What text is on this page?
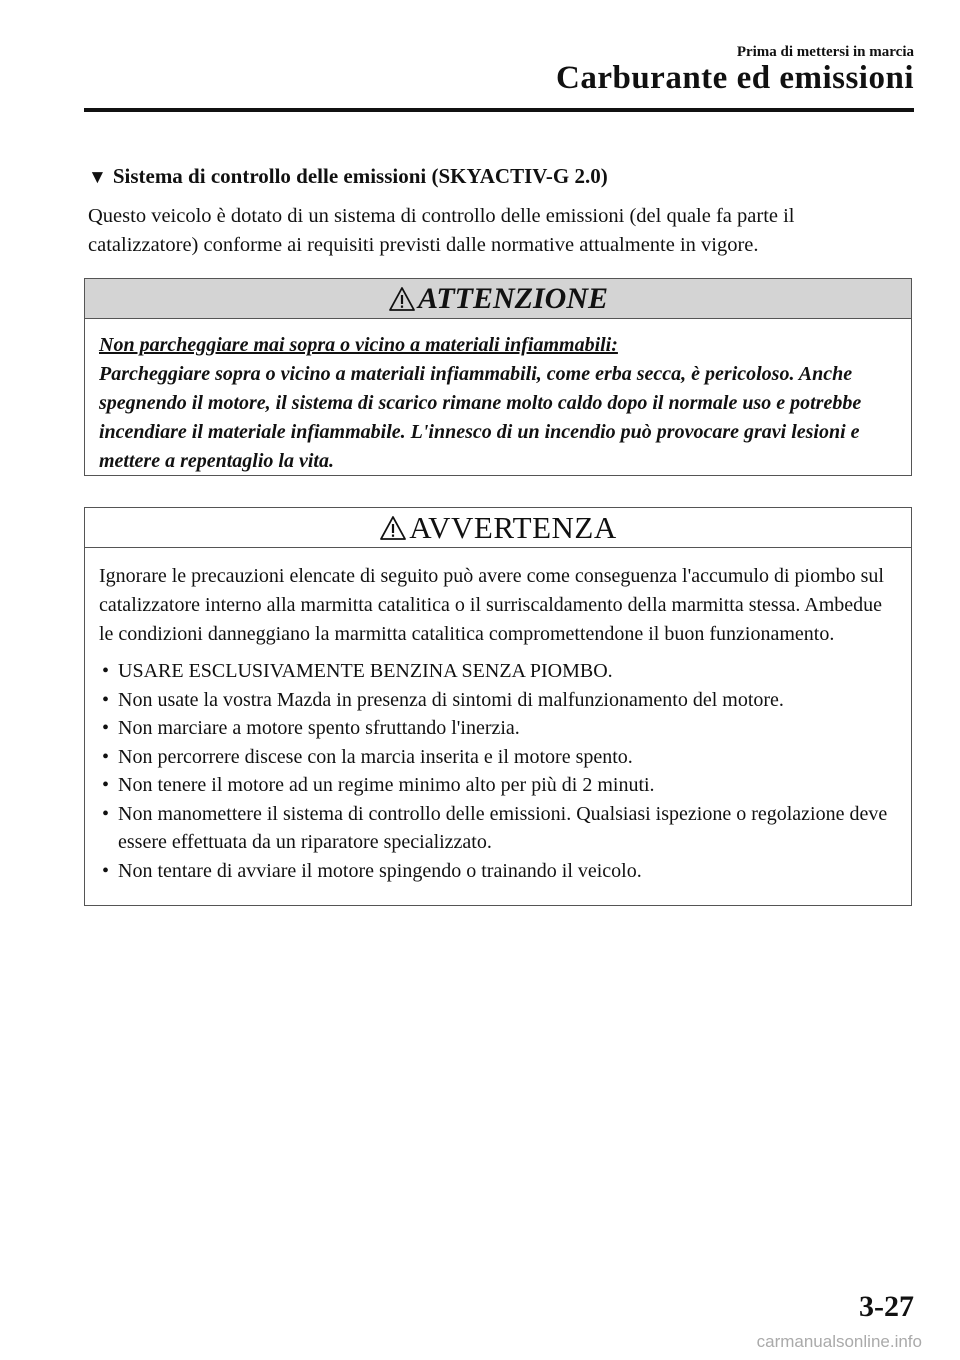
Prima di mettersi in marcia
Carburante ed emissioni
▼ Sistema di controllo delle emissioni (SKYACTIV-G 2.0)
Questo veicolo è dotato di un sistema di controllo delle emissioni (del quale fa parte il catalizzatore) conforme ai requisiti previsti dalle normative attualmente in vigore.
ATTENZIONE
Non parcheggiare mai sopra o vicino a materiali infiammabili:
Parcheggiare sopra o vicino a materiali infiammabili, come erba secca, è pericoloso. Anche spegnendo il motore, il sistema di scarico rimane molto caldo dopo il normale uso e potrebbe incendiare il materiale infiammabile. L'innesco di un incendio può provocare gravi lesioni e mettere a repentaglio la vita.
AVVERTENZA
Ignorare le precauzioni elencate di seguito può avere come conseguenza l'accumulo di piombo sul catalizzatore interno alla marmitta catalitica o il surriscaldamento della marmitta stessa. Ambedue le condizioni danneggiano la marmitta catalitica compromettendone il buon funzionamento.
• USARE ESCLUSIVAMENTE BENZINA SENZA PIOMBO.
• Non usate la vostra Mazda in presenza di sintomi di malfunzionamento del motore.
• Non marciare a motore spento sfruttando l'inerzia.
• Non percorrere discese con la marcia inserita e il motore spento.
• Non tenere il motore ad un regime minimo alto per più di 2 minuti.
• Non manomettere il sistema di controllo delle emissioni. Qualsiasi ispezione o regolazione deve essere effettuata da un riparatore specializzato.
• Non tentare di avviare il motore spingendo o trainando il veicolo.
3-27
carmanualsonline.info
